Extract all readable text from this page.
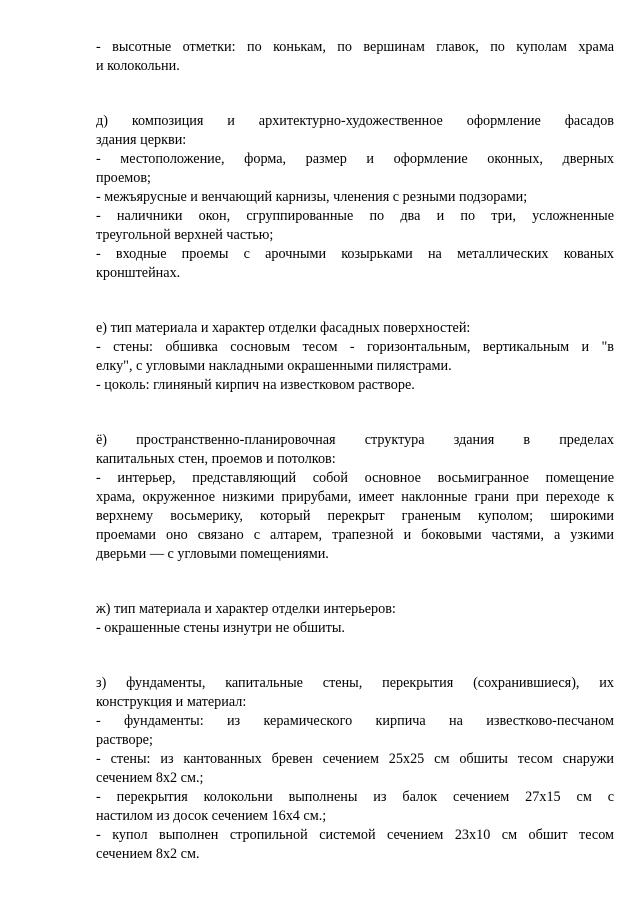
- высотные отметки: по конькам, по вершинам главок, по куполам храма
и колокольни.
д) композиция и архитектурно-художественное оформление фасадов
здания церкви:
- местоположение, форма, размер и оформление оконных, дверных
проемов;
- межъярусные и венчающий карнизы, членения с резными подзорами;
- наличники окон, сгруппированные по два и по три, усложненные
треугольной верхней частью;
- входные проемы с арочными козырьками на металлических кованых
кронштейнах.
е) тип материала и характер отделки фасадных поверхностей:
- стены: обшивка сосновым тесом - горизонтальным, вертикальным и "в
елку", с угловыми накладными окрашенными пилястрами.
- цоколь: глиняный кирпич на известковом растворе.
ё) пространственно-планировочная структура здания в пределах
капитальных стен, проемов и потолков:
- интерьер, представляющий собой основное восьмигранное помещение
храма, окруженное низкими прирубами, имеет наклонные грани при переходе к
верхнему восьмерику, который перекрыт граненым куполом; широкими
проемами оно связано с алтарем, трапезной и боковыми частями, а узкими
дверьми — с угловыми помещениями.
ж) тип материала и характер отделки интерьеров:
- окрашенные стены изнутри не обшиты.
з) фундаменты, капитальные стены, перекрытия (сохранившиеся), их
конструкция и материал:
- фундаменты: из керамического кирпича на известково-песчаном
растворе;
- стены: из кантованных бревен сечением 25х25 см обшиты тесом снаружи
сечением 8х2 см.;
- перекрытия колокольни выполнены из балок сечением 27х15 см с
настилом из досок сечением 16х4 см.;
- купол выполнен стропильной системой сечением 23х10 см обшит тесом
сечением 8х2 см.
